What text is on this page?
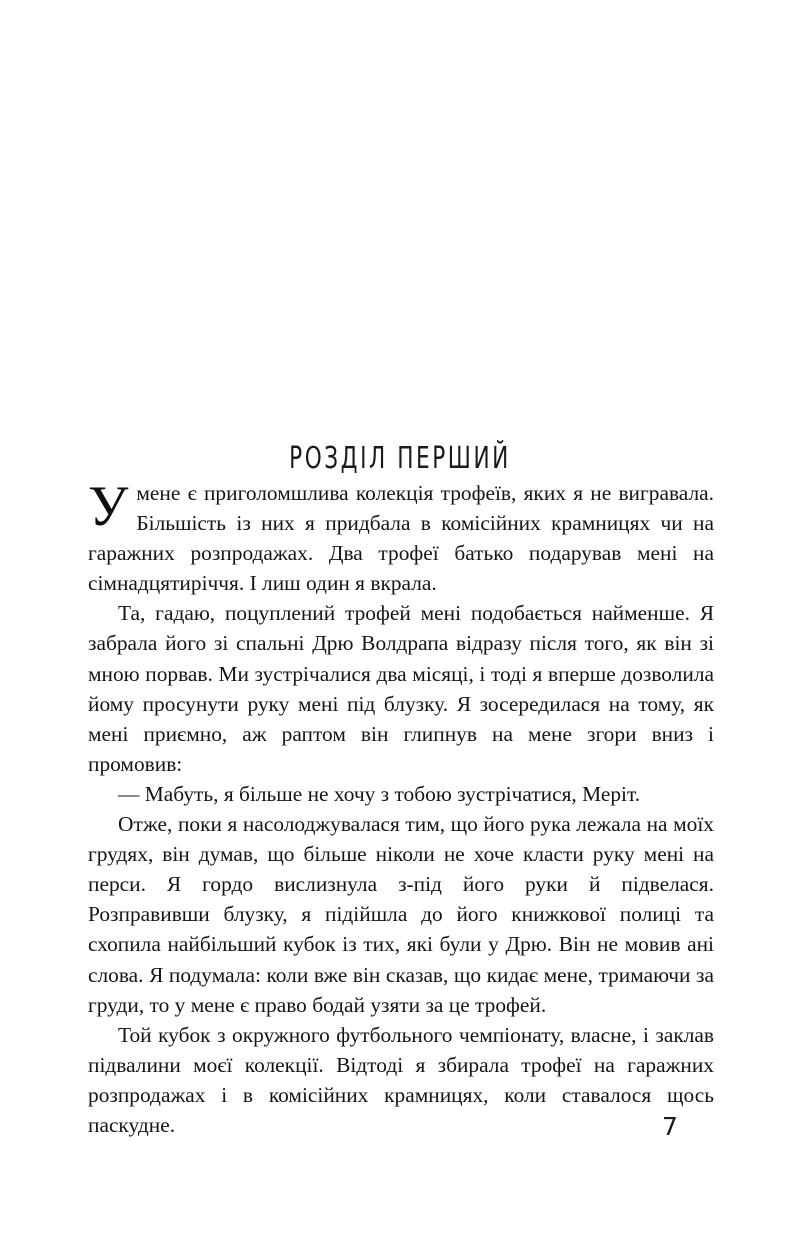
РОЗДІЛ ПЕРШИЙ

Умене є приголомшлива колекція трофеїв, яких я не вигравала. Більшість із них я придбала в комісійних крамницях чи на гаражних розпродажах. Два трофеї батько подарував мені на сімнадцятиріччя. І лиш один я вкрала.

Та, гадаю, поцуплений трофей мені подобається найменше. Я забрала його зі спальні Дрю Волдрапа відразу після того, як він зі мною порвав. Ми зустрічалися два місяці, і тоді я вперше дозволила йому просунути руку мені під блузку. Я зосередилася на тому, як мені приємно, аж раптом він глипнув на мене згори вниз і промовив:

— Мабуть, я більше не хочу з тобою зустрічатися, Меріт.

Отже, поки я насолоджувалася тим, що його рука лежала на моїх грудях, він думав, що більше ніколи не хоче класти руку мені на перси. Я гордо вислизнула з-під його руки й підвелася. Розправивши блузку, я підійшла до його книжкової полиці та схопила найбільший кубок із тих, які були у Дрю. Він не мовив ані слова. Я подумала: коли вже він сказав, що кидає мене, тримаючи за груди, то у мене є право бодай узяти за це трофей.

Той кубок з окружного футбольного чемпіонату, власне, і заклав підвалини моєї колекції. Відтоді я збирала трофеї на гаражних розпродажах і в комісійних крамницях, коли ставалося щось паскудне.	7
